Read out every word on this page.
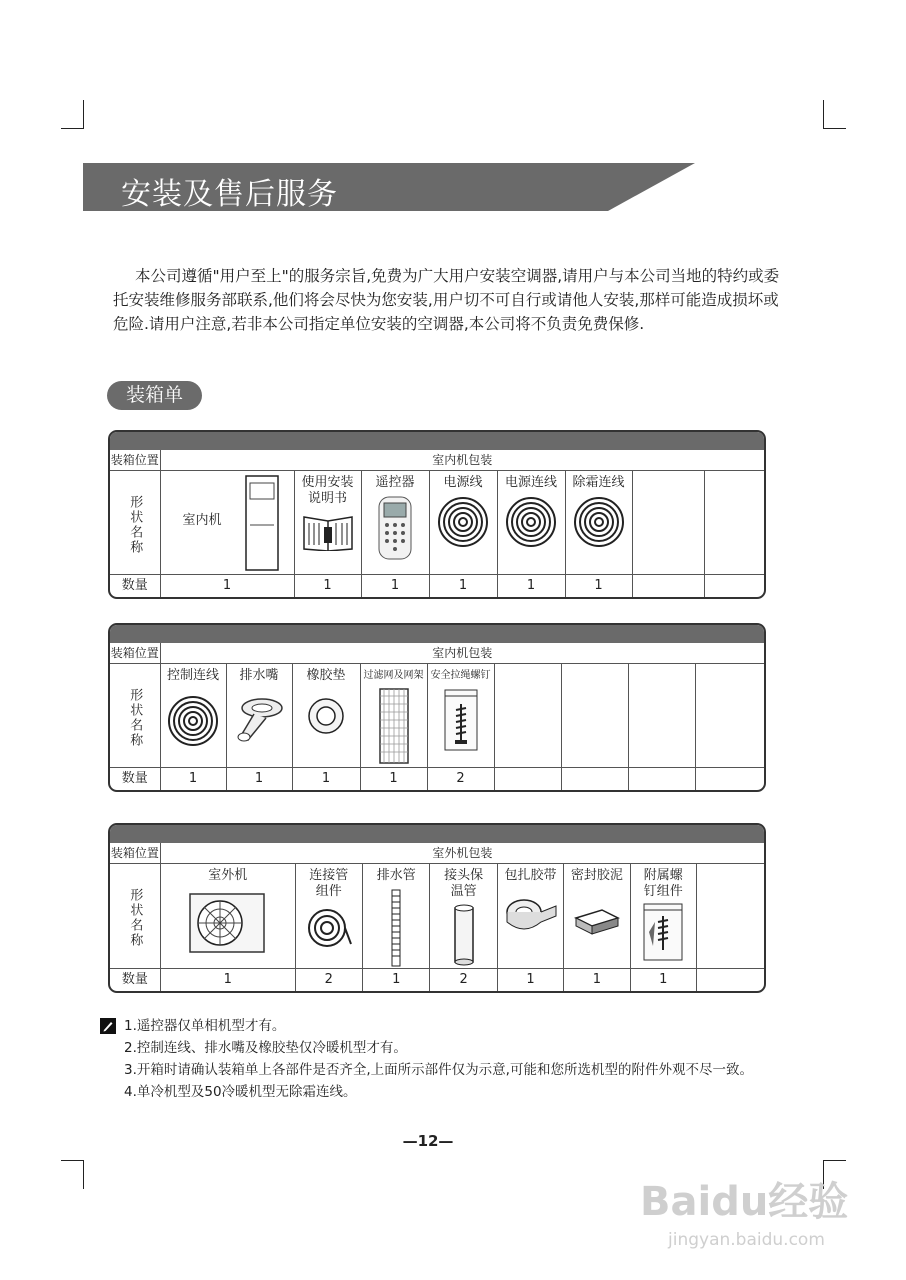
安装及售后服务

本公司遵循"用户至上"的服务宗旨,免费为广大用户安装空调器,请用户与本公司当地的特约或委托安装维修服务部联系,他们将会尽快为您安装,用户切不可自行或请他人安装,那样可能造成损坏或危险.请用户注意,若非本公司指定单位安装的空调器,本公司将不负责免费保修.

装箱单
装箱位置	室内机包装							
形状名称	室内机	使用安装说明书	遥控器	电源线	电源连线	除霜连线		

数量	1	1	1	1	1	1		
装箱位置	室内机包装								
形状名称	控制连线	排水嘴	橡胶垫	过滤网及网架	安全拉绳螺钉				

数量	1	1	1	1	2				
装箱位置	室外机包装							
形状名称	室外机	连接管组件	排水管	接头保温管	包扎胶带	密封胶泥	附属螺钉组件	

数量	1	2	1	2	1	1	1	
1.遥控器仅单相机型才有。
2.控制连线、排水嘴及橡胶垫仅冷暖机型才有。
3.开箱时请确认装箱单上各部件是否齐全,上面所示部件仅为示意,可能和您所选机型的附件外观不尽一致。
4.单冷机型及50冷暖机型无除霜连线。
—12—
Baidu经验
jingyan.baidu.com
